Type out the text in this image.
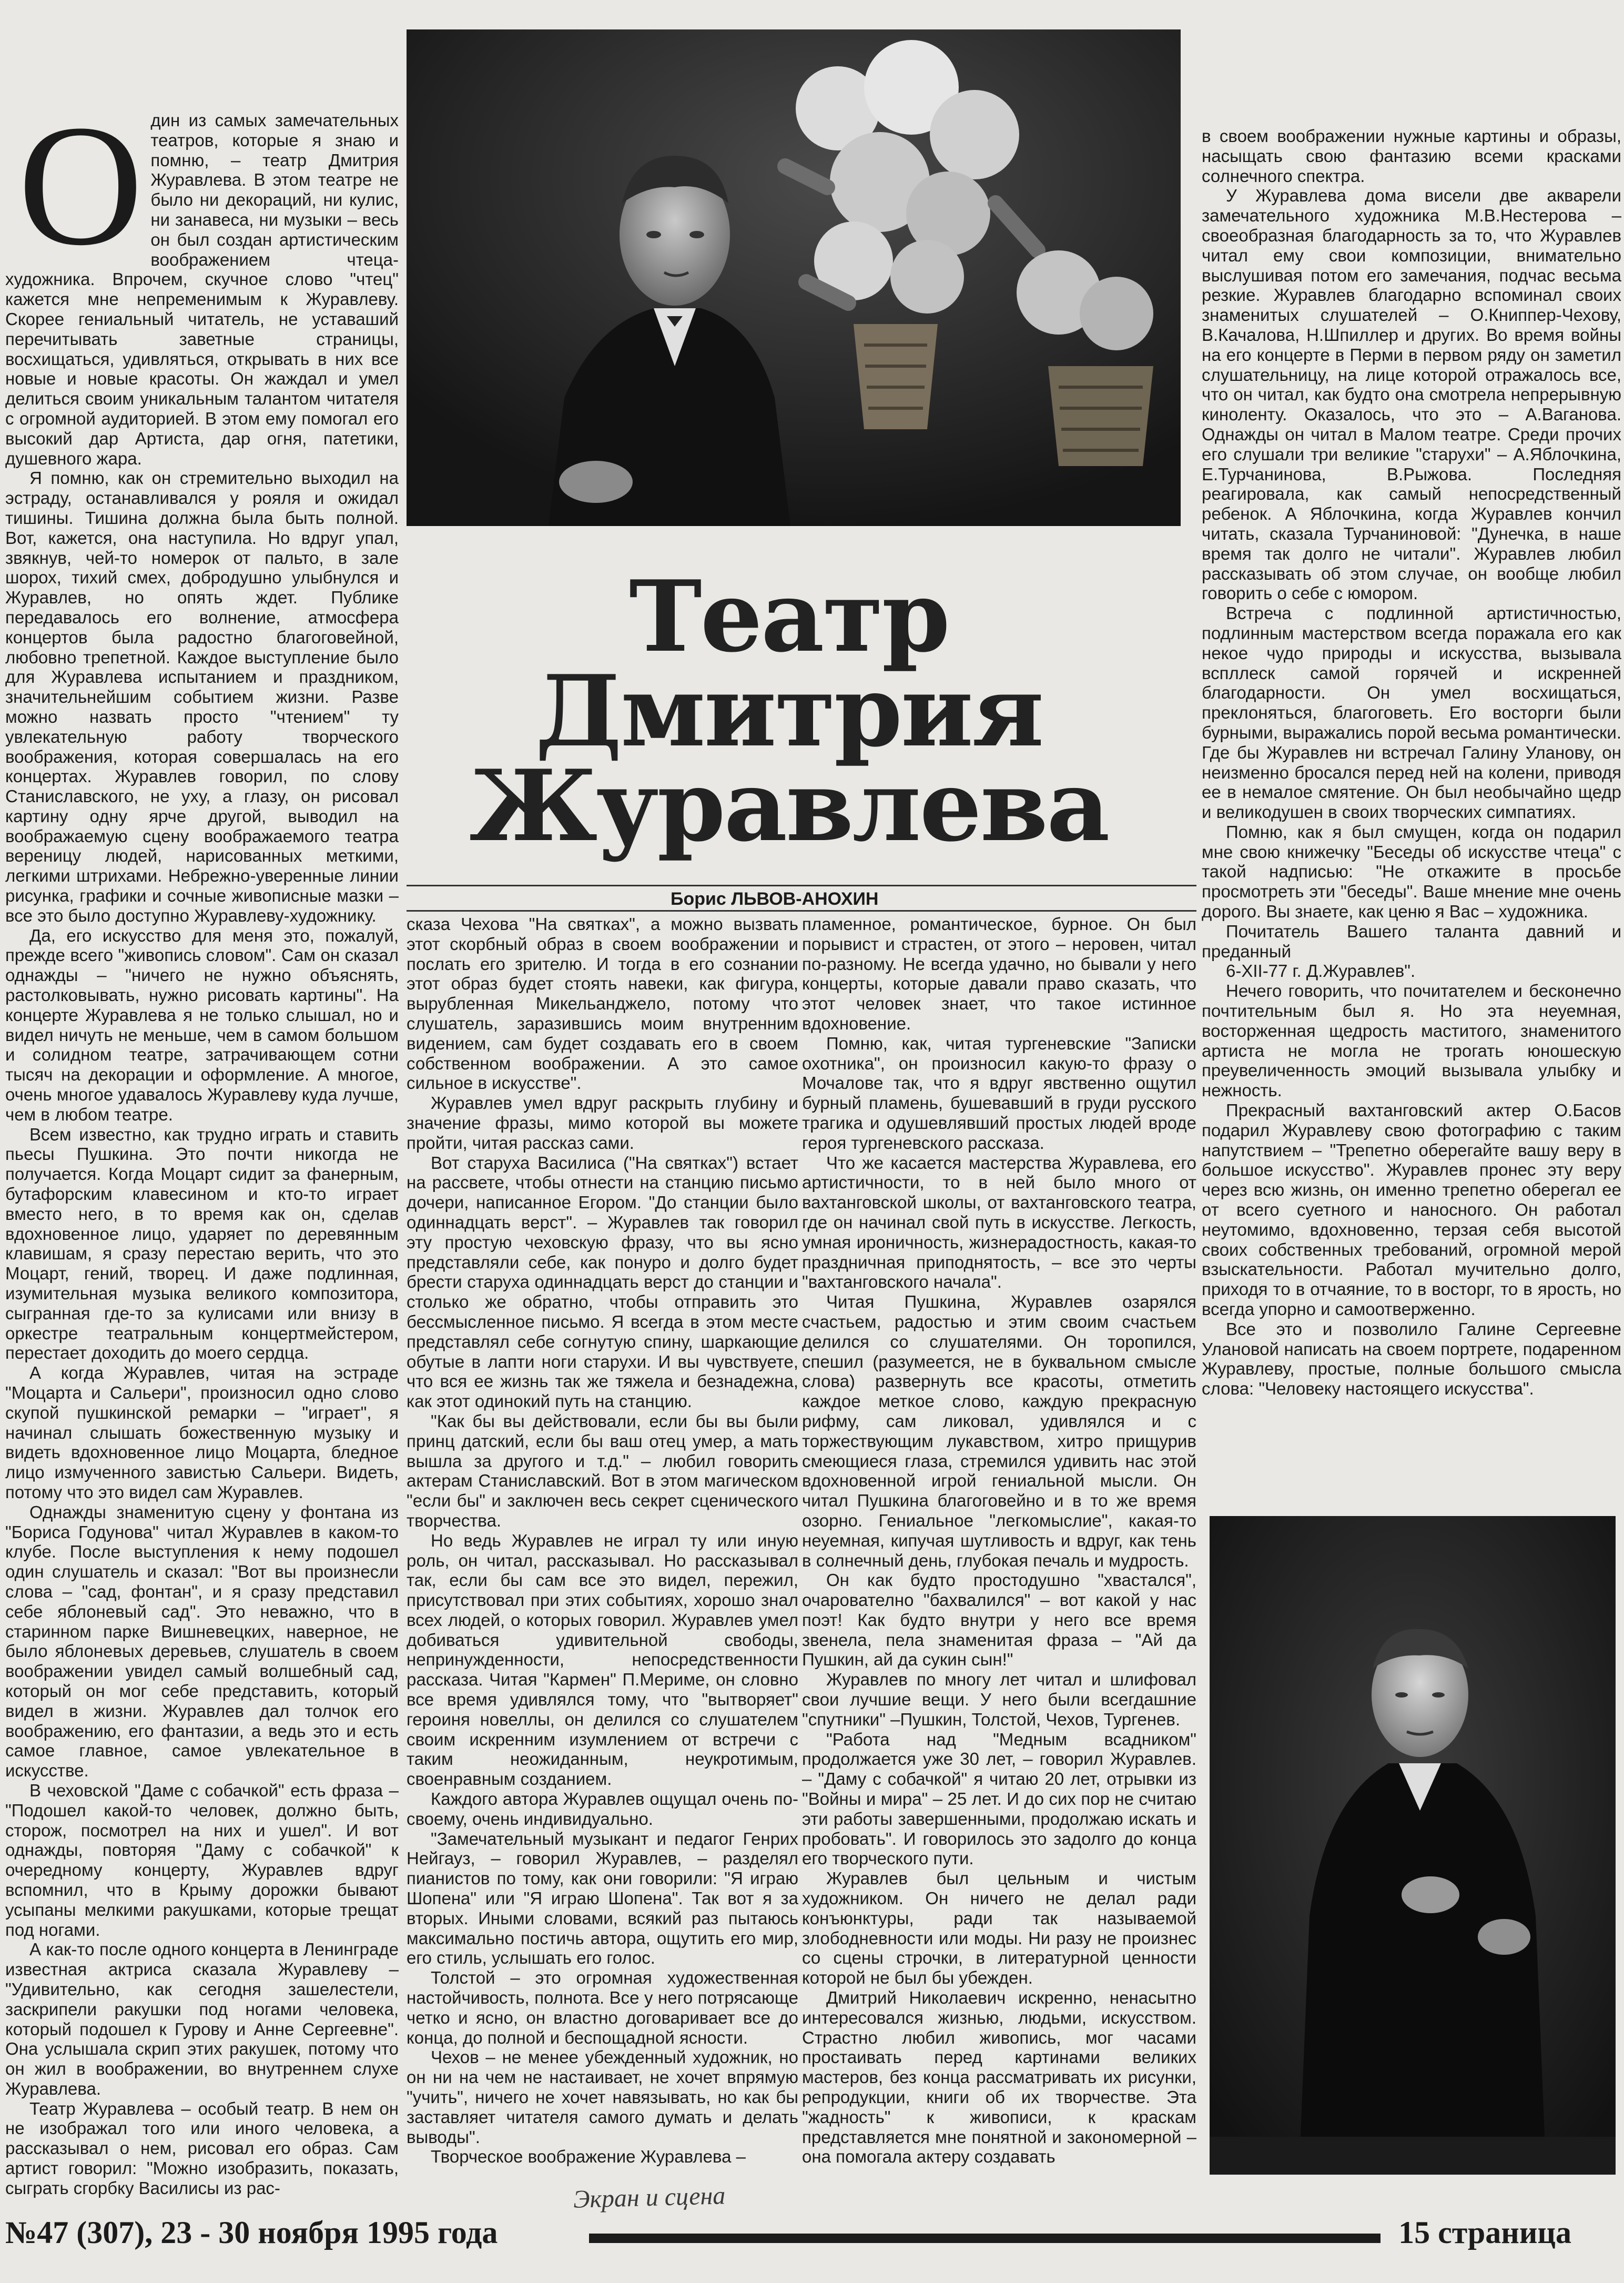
Театр
Дмитрия
Журавлева

Борис ЛЬВОВ-АНОХИН

О дин из самых замечательных театров, которые я знаю и помню, – театр Дмитрия Журавлева. В этом театре не было ни декораций, ни кулис, ни занавеса, ни музыки – весь он был создан артистическим воображением чтеца-художника. Впрочем, скучное слово "чтец" кажется мне непременимым к Журавлеву. Скорее гениальный читатель, не уставаший перечитывать заветные страницы, восхищаться, удивляться, открывать в них все новые и новые красоты. Он жаждал и умел делиться своим уникальным талантом читателя с огромной аудиторией. В этом ему помогал его высокий дар Артиста, дар огня, патетики, душевного жара.

Я помню, как он стремительно выходил на эстраду, останавливался у рояля и ожидал тишины. Тишина должна была быть полной. Вот, кажется, она наступила. Но вдруг упал, звякнув, чей-то номерок от пальто, в зале шорох, тихий смех, добродушно улыбнулся и Журавлев, но опять ждет. Публике передавалось его волнение, атмосфера концертов была радостно благоговейной, любовно трепетной. Каждое выступление было для Журавлева испытанием и праздником, значительнейшим событием жизни. Разве можно назвать просто "чтением" ту увлекательную работу творческого воображения, которая совершалась на его концертах. Журавлев говорил, по слову Станиславского, не уху, а глазу, он рисовал картину одну ярче другой, выводил на воображаемую сцену воображаемого театра вереницу людей, нарисованных меткими, легкими штрихами. Небрежно-уверенные линии рисунка, графики и сочные живописные мазки – все это было доступно Журавлеву-художнику.

Да, его искусство для меня это, пожалуй, прежде всего "живопись словом". Сам он сказал однажды – "ничего не нужно объяснять, растолковывать, нужно рисовать картины". На концерте Журавлева я не только слышал, но и видел ничуть не меньше, чем в самом большом и солидном театре, затрачивающем сотни тысяч на декорации и оформление. А многое, очень многое удавалось Журавлеву куда лучше, чем в любом театре.

Всем известно, как трудно играть и ставить пьесы Пушкина. Это почти никогда не получается. Когда Моцарт сидит за фанерным, бутафорским клавесином и кто-то играет вместо него, в то время как он, сделав вдохновенное лицо, ударяет по деревянным клавишам, я сразу перестаю верить, что это Моцарт, гений, творец. И даже подлинная, изумительная музыка великого композитора, сыгранная где-то за кулисами или внизу в оркестре театральным концертмейстером, перестает доходить до моего сердца.

А когда Журавлев, читая на эстраде "Моцарта и Сальери", произносил одно слово скупой пушкинской ремарки – "играет", я начинал слышать божественную музыку и видеть вдохновенное лицо Моцарта, бледное лицо измученного завистью Сальери. Видеть, потому что это видел сам Журавлев.

Однажды знаменитую сцену у фонтана из "Бориса Годунова" читал Журавлев в каком-то клубе. После выступления к нему подошел один слушатель и сказал: "Вот вы произнесли слова – "сад, фонтан", и я сразу представил себе яблоневый сад". Это неважно, что в старинном парке Вишневецких, наверное, не было яблоневых деревьев, слушатель в своем воображении увидел самый волшебный сад, который он мог себе представить, который видел в жизни. Журавлев дал толчок его воображению, его фантазии, а ведь это и есть самое главное, самое увлекательное в искусстве.

В чеховской "Даме с собачкой" есть фраза – "Подошел какой-то человек, должно быть, сторож, посмотрел на них и ушел". И вот однажды, повторяя "Даму с собачкой" к очередному концерту, Журавлев вдруг вспомнил, что в Крыму дорожки бывают усыпаны мелкими ракушками, которые трещат под ногами.

А как-то после одного концерта в Ленинграде известная актриса сказала Журавлеву – "Удивительно, как сегодня зашелестели, заскрипели ракушки под ногами человека, который подошел к Гурову и Анне Сергеевне". Она услышала скрип этих ракушек, потому что он жил в воображении, во внутреннем слухе Журавлева.

Театр Журавлева – особый театр. В нем он не изображал того или иного человека, а рассказывал о нем, рисовал его образ. Сам артист говорил: "Можно изобразить, показать, сыграть сгорбку Василисы из рас-

сказа Чехова "На святках", а можно вызвать этот скорбный образ в своем воображении и послать его зрителю. И тогда в его сознании этот образ будет стоять навеки, как фигура, вырубленная Микельанджело, потому что слушатель, заразившись моим внутренним видением, сам будет создавать его в своем собственном воображении. А это самое сильное в искусстве".

Журавлев умел вдруг раскрыть глубину и значение фразы, мимо которой вы можете пройти, читая рассказ сами.

Вот старуха Василиса ("На святках") встает на рассвете, чтобы отнести на станцию письмо дочери, написанное Егором. "До станции было одиннадцать верст". – Журавлев так говорил эту простую чеховскую фразу, что вы ясно представляли себе, как понуро и долго будет брести старуха одиннадцать верст до станции и столько же обратно, чтобы отправить это бессмысленное письмо. Я всегда в этом месте представлял себе согнутую спину, шаркающие обутые в лапти ноги старухи. И вы чувствуете, что вся ее жизнь так же тяжела и безнадежна, как этот одинокий путь на станцию.

"Как бы вы действовали, если бы вы были принц датский, если бы ваш отец умер, а мать вышла за другого и т.д." – любил говорить актерам Станиславский. Вот в этом магическом "если бы" и заключен весь секрет сценического творчества.

Но ведь Журавлев не играл ту или иную роль, он читал, рассказывал. Но рассказывал так, если бы сам все это видел, пережил, присутствовал при этих событиях, хорошо знал всех людей, о которых говорил. Журавлев умел добиваться удивительной свободы, непринужденности, непосредственности рассказа. Читая "Кармен" П.Мериме, он словно все время удивлялся тому, что "вытворяет" героиня новеллы, он делился со слушателем своим искренним изумлением от встречи с таким неожиданным, неукротимым, своенравным созданием.

Каждого автора Журавлев ощущал очень по-своему, очень индивидуально.

"Замечательный музыкант и педагог Генрих Нейгауз, – говорил Журавлев, – разделял пианистов по тому, как они говорили: "Я играю Шопена" или "Я играю Шопена". Так вот я за вторых. Иными словами, всякий раз пытаюсь максимально постичь автора, ощутить его мир, его стиль, услышать его голос.

Толстой – это огромная художественная настойчивость, полнота. Все у него потрясающе четко и ясно, он властно договаривает все до конца, до полной и беспощадной ясности.

Чехов – не менее убежденный художник, но он ни на чем не настаивает, не хочет впрямую "учить", ничего не хочет навязывать, но как бы заставляет читателя самого думать и делать выводы".

Творческое воображение Журавлева –

пламенное, романтическое, бурное. Он был порывист и страстен, от этого – неровен, читал по-разному. Не всегда удачно, но бывали у него концерты, которые давали право сказать, что этот человек знает, что такое истинное вдохновение.

Помню, как, читая тургеневские "Записки охотника", он произносил какую-то фразу о Мочалове так, что я вдруг явственно ощутил бурный пламень, бушевавший в груди русского трагика и одушевлявший простых людей вроде героя тургеневского рассказа.

Что же касается мастерства Журавлева, его артистичности, то в ней было много от вахтанговской школы, от вахтанговского театра, где он начинал свой путь в искусстве. Легкость, умная ироничность, жизнерадостность, какая-то праздничная приподнятость, – все это черты "вахтанговского начала".

Читая Пушкина, Журавлев озарялся счастьем, радостью и этим своим счастьем делился со слушателями. Он торопился, спешил (разумеется, не в буквальном смысле слова) развернуть все красоты, отметить каждое меткое слово, каждую прекрасную рифму, сам ликовал, удивлялся и с торжествующим лукавством, хитро прищурив смеющиеся глаза, стремился удивить нас этой вдохновенной игрой гениальной мысли. Он читал Пушкина благоговейно и в то же время озорно. Гениальное "легкомыслие", какая-то неуемная, кипучая шутливость и вдруг, как тень в солнечный день, глубокая печаль и мудрость.

Он как будто простодушно "хвастался", очарователно "бахвалился" – вот какой у нас поэт! Как будто внутри у него все время звенела, пела знаменитая фраза – "Ай да Пушкин, ай да сукин сын!"

Журавлев по многу лет читал и шлифовал свои лучшие вещи. У него были всегдашние "спутники" –Пушкин, Толстой, Чехов, Тургенев.

"Работа над "Медным всадником" продолжается уже 30 лет, – говорил Журавлев. – "Даму с собачкой" я читаю 20 лет, отрывки из "Войны и мира" – 25 лет. И до сих пор не считаю эти работы завершенными, продолжаю искать и пробовать". И говорилось это задолго до конца его творческого пути.

Журавлев был цельным и чистым художником. Он ничего не делал ради конъюнктуры, ради так называемой злободневности или моды. Ни разу не произнес со сцены строчки, в литературной ценности которой не был бы убежден.

Дмитрий Николаевич искренно, ненасытно интересовался жизнью, людьми, искусством. Страстно любил живопись, мог часами простаивать перед картинами великих мастеров, без конца рассматривать их рисунки, репродукции, книги об их творчестве. Эта "жадность" к живописи, к краскам представляется мне понятной и закономерной – она помогала актеру создавать

в своем воображении нужные картины и образы, насыщать свою фантазию всеми красками солнечного спектра.

У Журавлева дома висели две акварели замечательного художника М.В.Нестерова – своеобразная благодарность за то, что Журавлев читал ему свои композиции, внимательно выслушивая потом его замечания, подчас весьма резкие. Журавлев благодарно вспоминал своих знаменитых слушателей – О.Книппер-Чехову, В.Качалова, Н.Шпиллер и других. Во время войны на его концерте в Перми в первом ряду он заметил слушательницу, на лице которой отражалось все, что он читал, как будто она смотрела непрерывную киноленту. Оказалось, что это – А.Ваганова. Однажды он читал в Малом театре. Среди прочих его слушали три великие "старухи" – А.Яблочкина, Е.Турчанинова, В.Рыжова. Последняя реагировала, как самый непосредственный ребенок. А Яблочкина, когда Журавлев кончил читать, сказала Турчаниновой: "Дунечка, в наше время так долго не читали". Журавлев любил рассказывать об этом случае, он вообще любил говорить о себе с юмором.

Встреча с подлинной артистичностью, подлинным мастерством всегда поражала его как некое чудо природы и искусства, вызывала вспллеск самой горячей и искренней благодарности. Он умел восхищаться, преклоняться, благоговеть. Его восторги были бурными, выражались порой весьма романтически. Где бы Журавлев ни встречал Галину Уланову, он неизменно бросался перед ней на колени, приводя ее в немалое смятение. Он был необычайно щедр и великодушен в своих творческих симпатиях.

Помню, как я был смущен, когда он подарил мне свою книжечку "Беседы об искусстве чтеца" с такой надписью: "Не откажите в просьбе просмотреть эти "беседы". Ваше мнение мне очень дорого. Вы знаете, как ценю я Вас – художника.

Почитатель Вашего таланта давний и преданный

6-XII-77 г. Д.Журавлев".

Нечего говорить, что почитателем и бесконечно почтительным был я. Но эта неуемная, восторженная щедрость маститого, знаменитого артиста не могла не трогать юношескую преувеличенность эмоций вызывала улыбку и нежность.

Прекрасный вахтанговский актер О.Басов подарил Журавлеву свою фотографию с таким напутствием – "Трепетно оберегайте вашу веру в большое искусство". Журавлев пронес эту веру через всю жизнь, он именно трепетно оберегал ее от всего суетного и наносного. Он работал неутомимо, вдохновенно, терзая себя высотой своих собственных требований, огромной мерой взыскательности. Работал мучительно долго, приходя то в отчаяние, то в восторг, то в ярость, но всегда упорно и самоотверженно.

Все это и позволило Галине Сергеевне Улановой написать на своем портрете, подаренном Журавлеву, простые, полные большого смысла слова: "Человеку настоящего искусства".

Экран и сцена

№47 (307), 23 - 30 ноября 1995 года	15 страница
